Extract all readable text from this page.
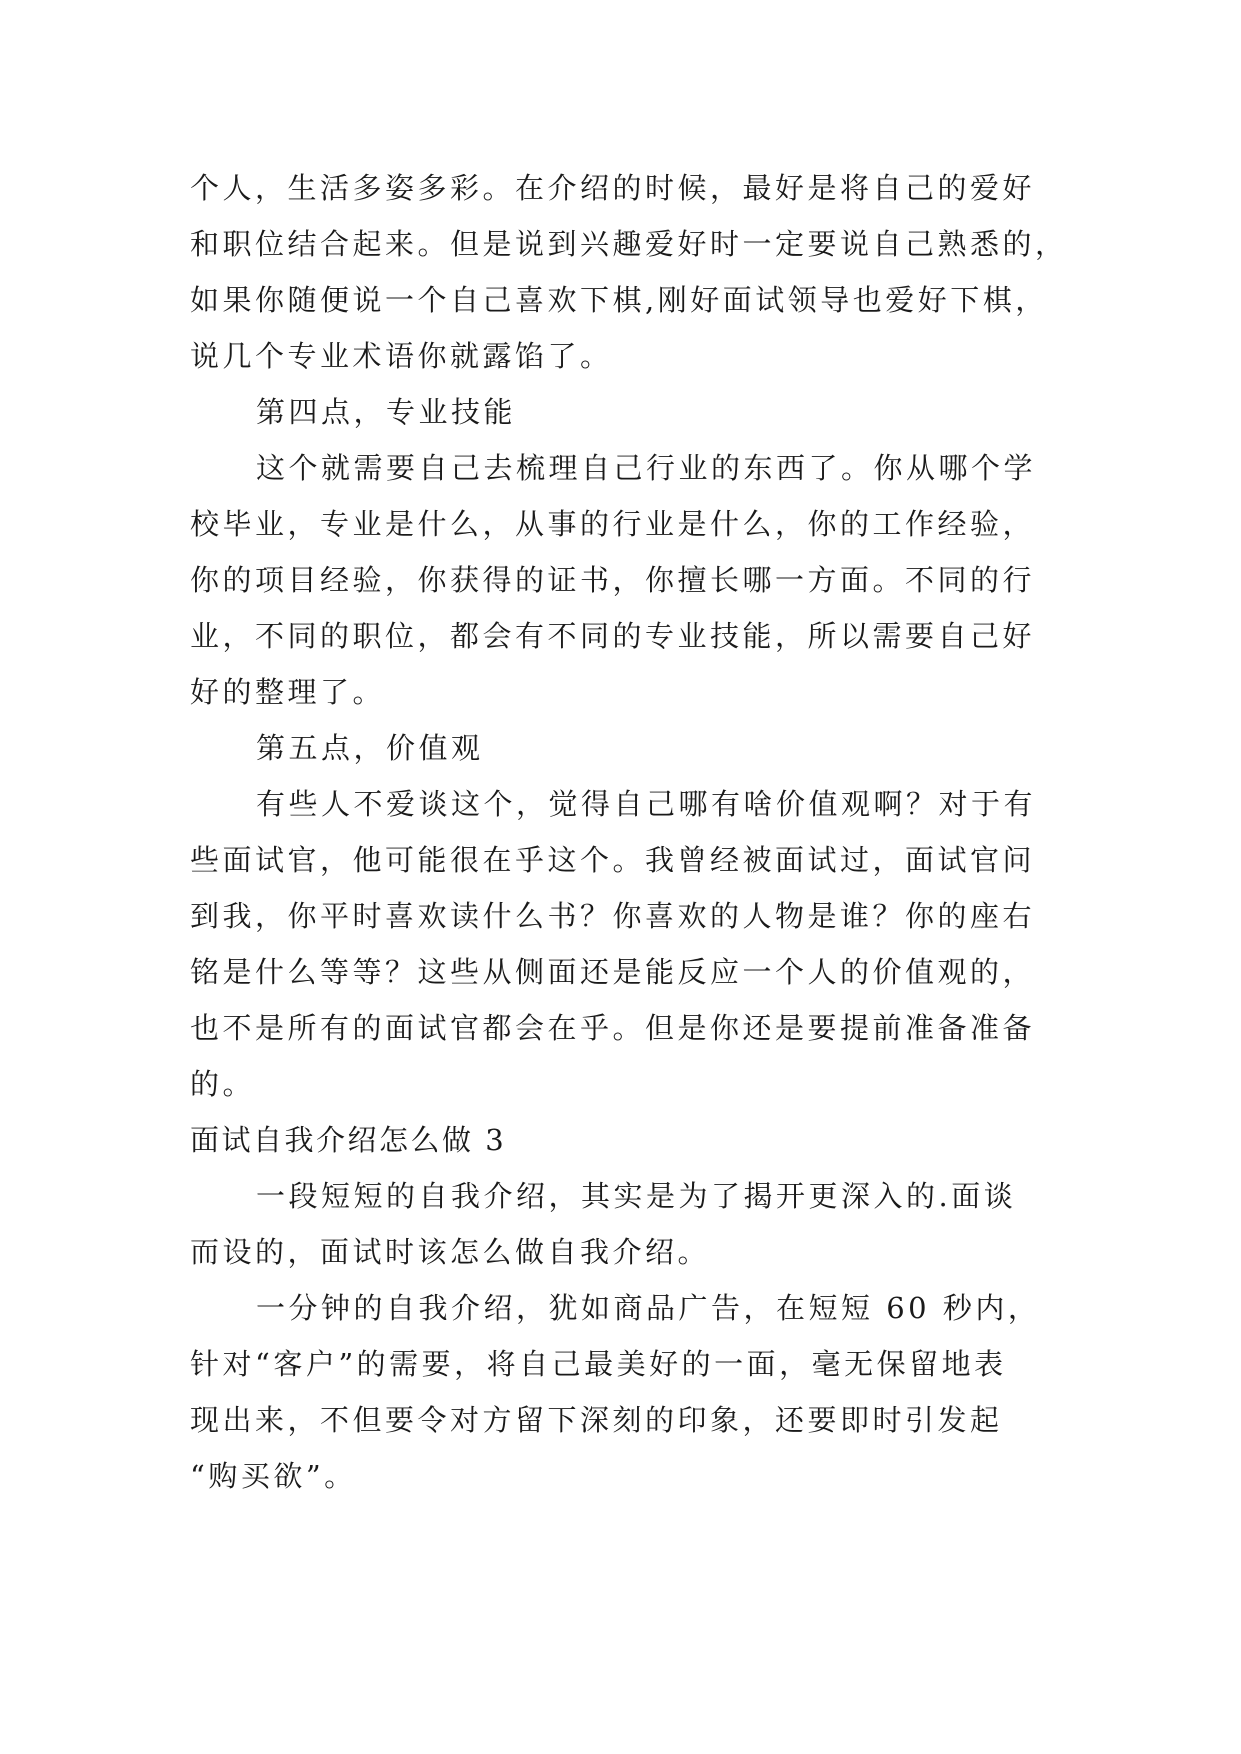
个人，生活多姿多彩。在介绍的时候，最好是将自己的爱好
和职位结合起来。但是说到兴趣爱好时一定要说自己熟悉的，
如果你随便说一个自己喜欢下棋,刚好面试领导也爱好下棋，
说几个专业术语你就露馅了。
第四点，专业技能
这个就需要自己去梳理自己行业的东西了。你从哪个学
校毕业，专业是什么，从事的行业是什么，你的工作经验，
你的项目经验，你获得的证书，你擅长哪一方面。不同的行
业，不同的职位，都会有不同的专业技能，所以需要自己好
好的整理了。
第五点，价值观
有些人不爱谈这个，觉得自己哪有啥价值观啊？对于有
些面试官，他可能很在乎这个。我曾经被面试过，面试官问
到我，你平时喜欢读什么书？你喜欢的人物是谁？你的座右
铭是什么等等？这些从侧面还是能反应一个人的价值观的，
也不是所有的面试官都会在乎。但是你还是要提前准备准备
的。
面试自我介绍怎么做 3
一段短短的自我介绍，其实是为了揭开更深入的.面谈
而设的，面试时该怎么做自我介绍。
一分钟的自我介绍，犹如商品广告，在短短 60 秒内，
针对“客户”的需要，将自己最美好的一面，毫无保留地表
现出来，不但要令对方留下深刻的印象，还要即时引发起
“购买欲”。
